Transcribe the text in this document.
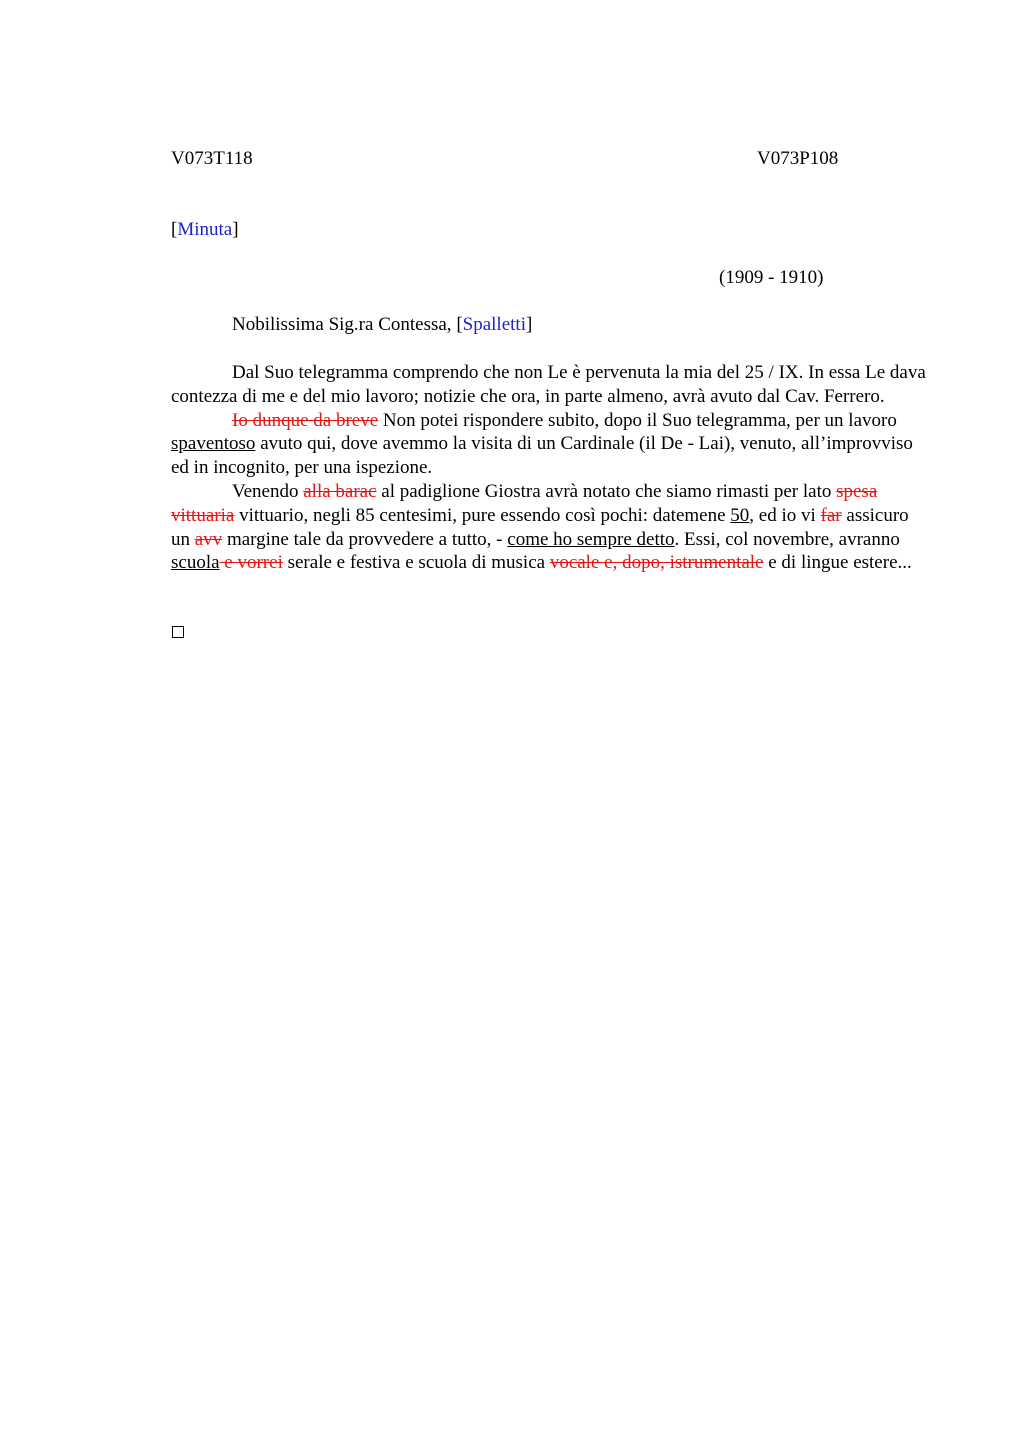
V073T118	V073P108
[Minuta]
(1909 - 1910)
Nobilissima Sig.ra Contessa, [Spalletti]

Dal Suo telegramma comprendo che non Le è pervenuta la mia del 25 / IX. In essa Le dava contezza di me e del mio lavoro; notizie che ora, in parte almeno, avrà avuto dal Cav. Ferrero.

Io dunque da breve Non potei rispondere subito, dopo il Suo telegramma, per un lavoro spaventoso avuto qui, dove avemmo la visita di un Cardinale (il De - Lai), venuto, all’improvviso ed in incognito, per una ispezione.

Venendo alla barac al padiglione Giostra avrà notato che siamo rimasti per lato spesa vittuaria vittuario, negli 85 centesimi, pure essendo così pochi: datemene 50, ed io vi far assicuro un avv margine tale da provvedere a tutto, - come ho sempre detto. Essi, col novembre, avranno scuola e vorrei serale e festiva e scuola di musica vocale e, dopo, istrumentale e di lingue estere...
